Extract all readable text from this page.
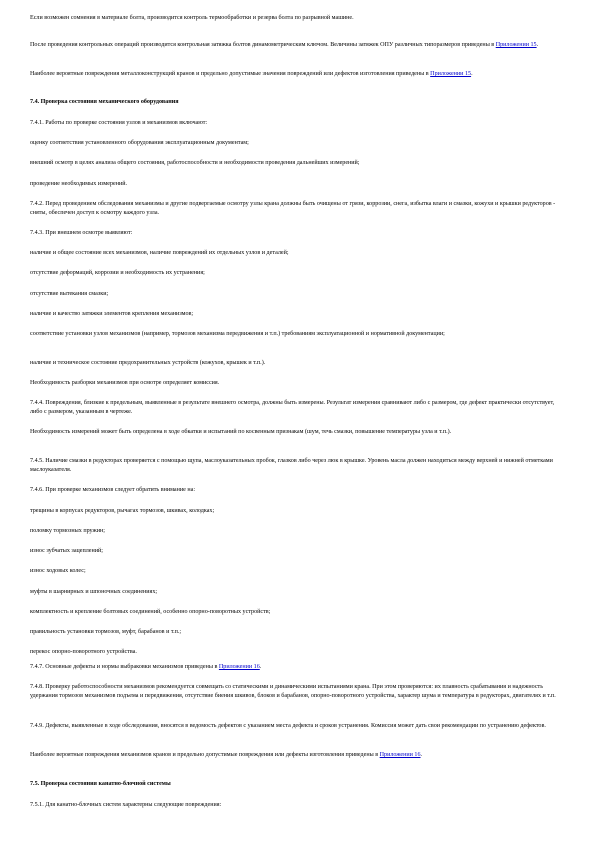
Если возможен сомнения в материале болта, производится контроль термообработки и резерва болта по разрывной машине.

После проведения контрольных операций производится контрольная затяжка болтов динамометрическим ключом. Величины затяжек ОПУ различных типоразмеров приведены в Приложении 15.

Наиболее вероятные повреждения металлоконструкций кранов и предельно допустимые значения повреждений или дефектов изготовления приведены в Приложении 15.

7.4. Проверка состояния механического оборудования

7.4.1. Работы по проверке состояния узлов и механизмов включают:

оценку соответствия установленного оборудования эксплуатационным документам;

внешний осмотр в целях анализа общего состояния, работоспособности и необходимости проведения дальнейших измерений;

проведение необходимых измерений.

7.4.2. Перед проведением обследования механизмы и другие подвергаемые осмотру узлы крана должны быть очищены от грязи, коррозии, снега, избытка влаги и смазки, кожухи и крышки редукторов - сняты, обеспечен доступ к осмотру каждого узла.

7.4.3. При внешнем осмотре выявляют:

наличие и общее состояние всех механизмов, наличие повреждений их отдельных узлов и деталей;

отсутствие деформаций, коррозии и необходимость их устранения;

отсутствие вытекания смазки;

наличие и качество затяжки элементов крепления механизмов;

соответствие установки узлов механизмов (например, тормозов механизма передвижения и т.п.) требованиям эксплуатационной и нормативной документации;

наличие и техническое состояние предохранительных устройств (кожухов, крышек и т.п.).

Необходимость разборки механизмов при осмотре определяет комиссия.

7.4.4. Повреждения, близкие к предельным, выявленные в результате внешнего осмотра, должны быть измерены. Результат измерения сравнивают либо с размером, где дефект практически отсутствует, либо с размером, указанным в чертеже.

Необходимость измерений может быть определена в ходе обкатки и испытаний по косвенным признакам (шум, течь смазки, повышение температуры узла и т.п.).

7.4.5. Наличие смазки в редукторах проверяется с помощью щупа, маслоуказательных пробок, глазков либо через люк в крышке. Уровень масла должен находиться между верхней и нижней отметками маслоуказателя.

7.4.6. При проверке механизмов следует обратить внимание на:

трещины в корпусах редукторов, рычагах тормозов, шкивах, колодках;

поломку тормозных пружин;

износ зубчатых зацеплений;

износ ходовых колес;

муфты в шарнирных и шпоночных соединениях;

комплектность и крепление болтовых соединений, особенно опорно-поворотных устройств;

правильность установки тормозов, муфт, барабанов и т.п.;

перекос опорно-поворотного устройства.

7.4.7. Основные дефекты и нормы выбраковки механизмов приведены в Приложении 16.

7.4.8. Проверку работоспособности механизмов рекомендуется совмещать со статическими и динамическими испытаниями крана. При этом проверяются: их плавность срабатывания и надежность удержания тормозов механизмов подъема и передвижения, отсутствие биения шкивов, блоков и барабанов, опорно-поворотного устройства, характер шума и температура в редукторах, двигателях и т.п.

7.4.9. Дефекты, выявленные в ходе обследования, вносятся в ведомость дефектов с указанием места дефекта и сроков устранения. Комиссия может дать свои рекомендации по устранению дефектов.

Наиболее вероятные повреждения механизмов кранов и предельно допустимые повреждения или дефекты изготовления приведены в Приложении 16.

7.5. Проверка состояния канатно-блочной системы

7.5.1. Для канатно-блочных систем характерны следующие повреждения:
